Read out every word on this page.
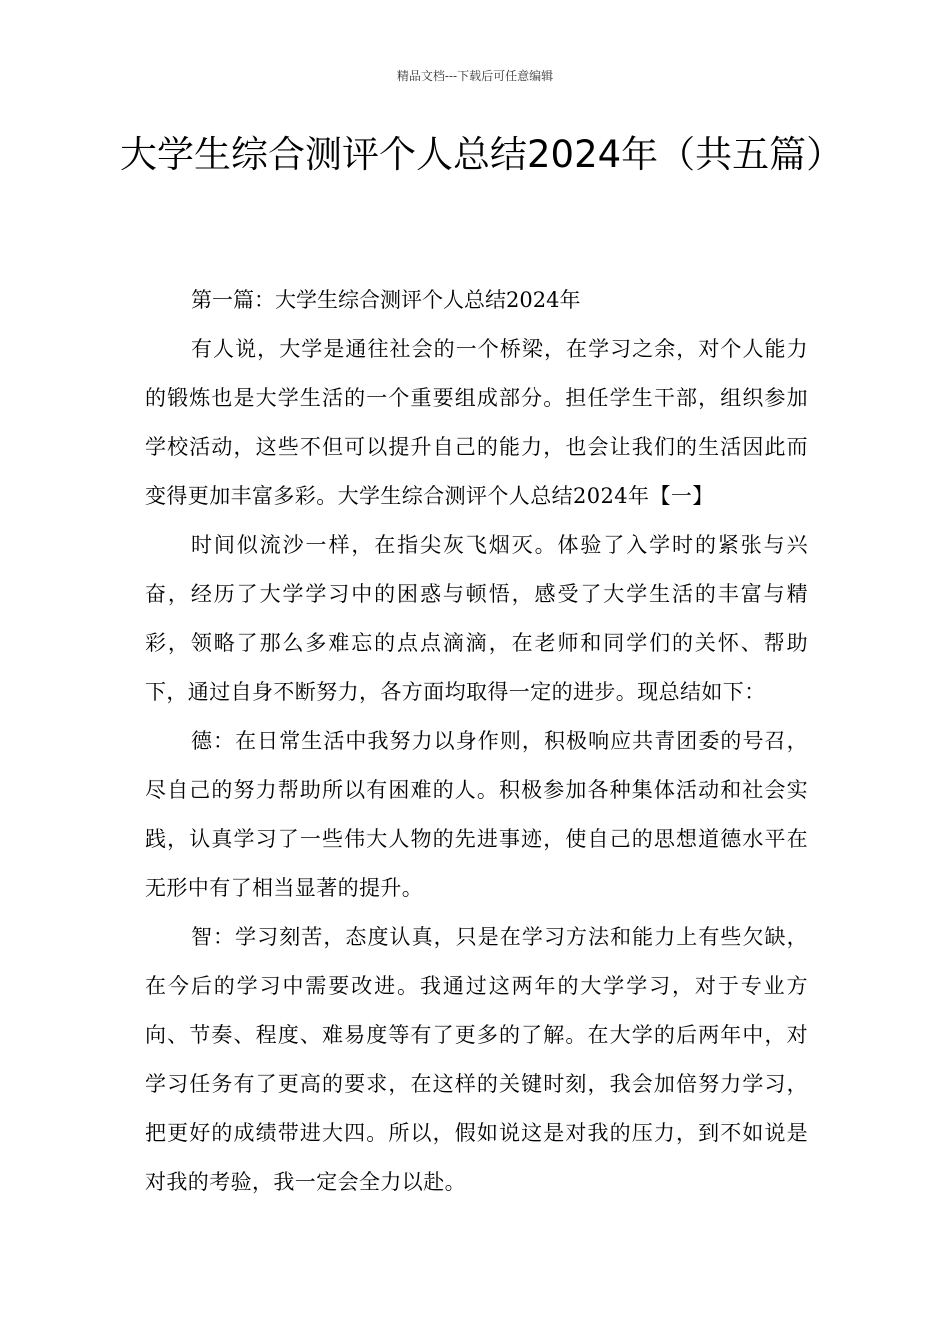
精品文档---下载后可任意编辑
大学生综合测评个人总结2024年（共五篇）

第一篇：大学生综合测评个人总结2024年

有人说，大学是通往社会的一个桥梁，在学习之余，对个人能力的锻炼也是大学生活的一个重要组成部分。担任学生干部，组织参加学校活动，这些不但可以提升自己的能力，也会让我们的生活因此而变得更加丰富多彩。大学生综合测评个人总结2024年【一】

时间似流沙一样，在指尖灰飞烟灭。体验了入学时的紧张与兴奋，经历了大学学习中的困惑与顿悟，感受了大学生活的丰富与精彩，领略了那么多难忘的点点滴滴，在老师和同学们的关怀、帮助下，通过自身不断努力，各方面均取得一定的进步。现总结如下：

德：在日常生活中我努力以身作则，积极响应共青团委的号召，尽自己的努力帮助所以有困难的人。积极参加各种集体活动和社会实践，认真学习了一些伟大人物的先进事迹，使自己的思想道德水平在无形中有了相当显著的提升。

智：学习刻苦，态度认真，只是在学习方法和能力上有些欠缺，在今后的学习中需要改进。我通过这两年的大学学习，对于专业方向、节奏、程度、难易度等有了更多的了解。在大学的后两年中，对学习任务有了更高的要求，在这样的关键时刻，我会加倍努力学习，把更好的成绩带进大四。所以，假如说这是对我的压力，到不如说是对我的考验，我一定会全力以赴。
